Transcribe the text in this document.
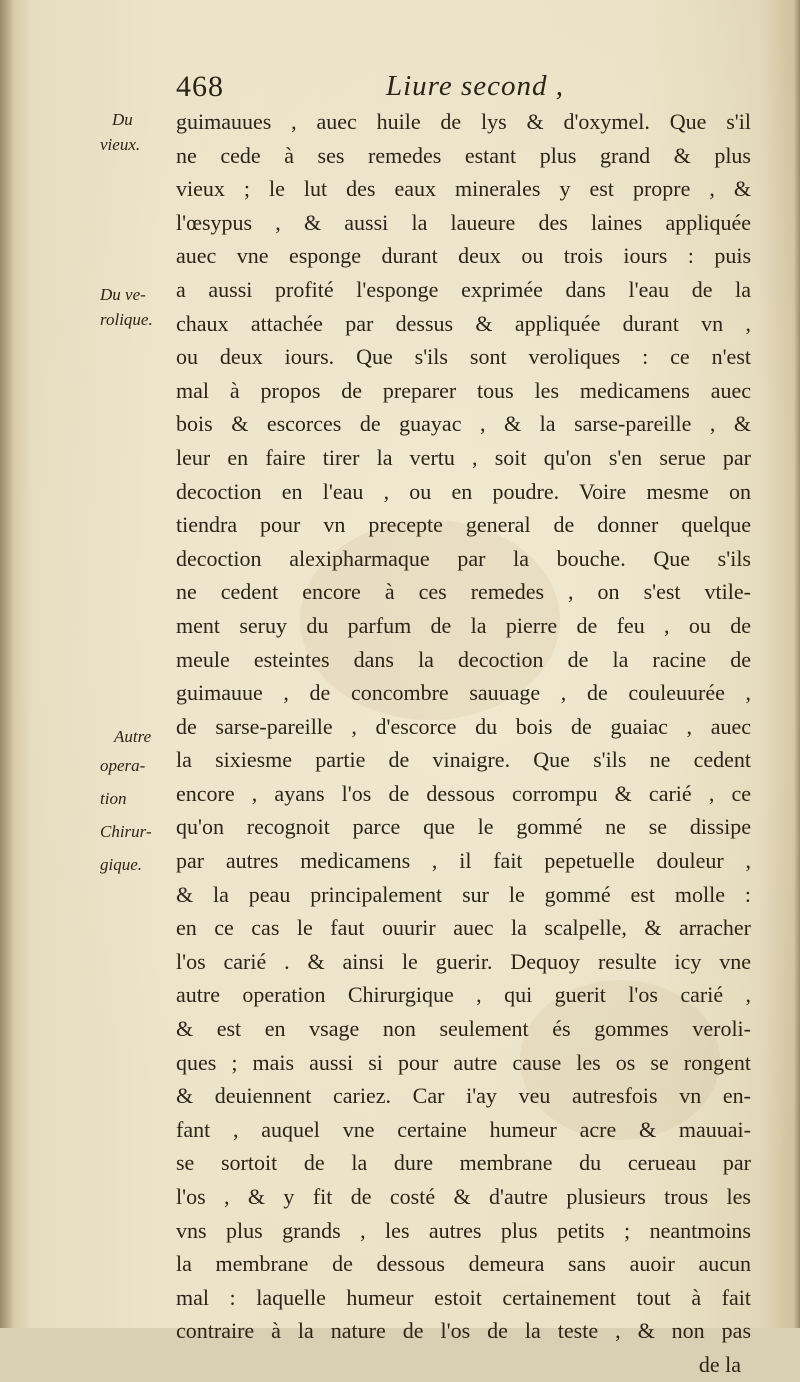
468	Liure second ,
Du
vieux.
Du ve-
rolique.
Autre
opera-
tion
Chirur-
gique.
guimauues , auec huile de lys & d'oxymel. Que s'il
ne cede à ses remedes estant plus grand & plus
vieux ; le lut des eaux minerales y est propre , &
l'œsypus , & aussi la laueure des laines appliquée
auec vne esponge durant deux ou trois iours : puis
a aussi profité l'esponge exprimée dans l'eau de la
chaux attachée par dessus & appliquée durant vn ,
ou deux iours. Que s'ils sont veroliques : ce n'est
mal à propos de preparer tous les medicamens auec
bois & escorces de guayac , & la sarse-pareille , &
leur en faire tirer la vertu , soit qu'on s'en serue par
decoction en l'eau , ou en poudre. Voire mesme on
tiendra pour vn precepte general de donner quelque
decoction alexipharmaque par la bouche. Que s'ils
ne cedent encore à ces remedes , on s'est vtile-
ment seruy du parfum de la pierre de feu , ou de
meule esteintes dans la decoction de la racine de
guimauue , de concombre sauuage , de couleuurée ,
de sarse-pareille , d'escorce du bois de guaiac , auec
la sixiesme partie de vinaigre. Que s'ils ne cedent
encore , ayans l'os de dessous corrompu & carié , ce
qu'on recognoit parce que le gommé ne se dissipe
par autres medicamens , il fait pepetuelle douleur ,
& la peau principalement sur le gommé est molle :
en ce cas le faut ouurir auec la scalpelle, & arracher
l'os carié . & ainsi le guerir. Dequoy resulte icy vne
autre operation Chirurgique , qui guerit l'os carié ,
& est en vsage non seulement és gommes veroli-
ques ; mais aussi si pour autre cause les os se rongent
& deuiennent cariez. Car i'ay veu autresfois vn en-
fant , auquel vne certaine humeur acre & mauuai-
se sortoit de la dure membrane du cerueau par
l'os , & y fit de costé & d'autre plusieurs trous les
vns plus grands , les autres plus petits ; neantmoins
la membrane de dessous demeura sans auoir aucun
mal : laquelle humeur estoit certainement tout à fait
contraire à la nature de l'os de la teste , & non pas
de la
